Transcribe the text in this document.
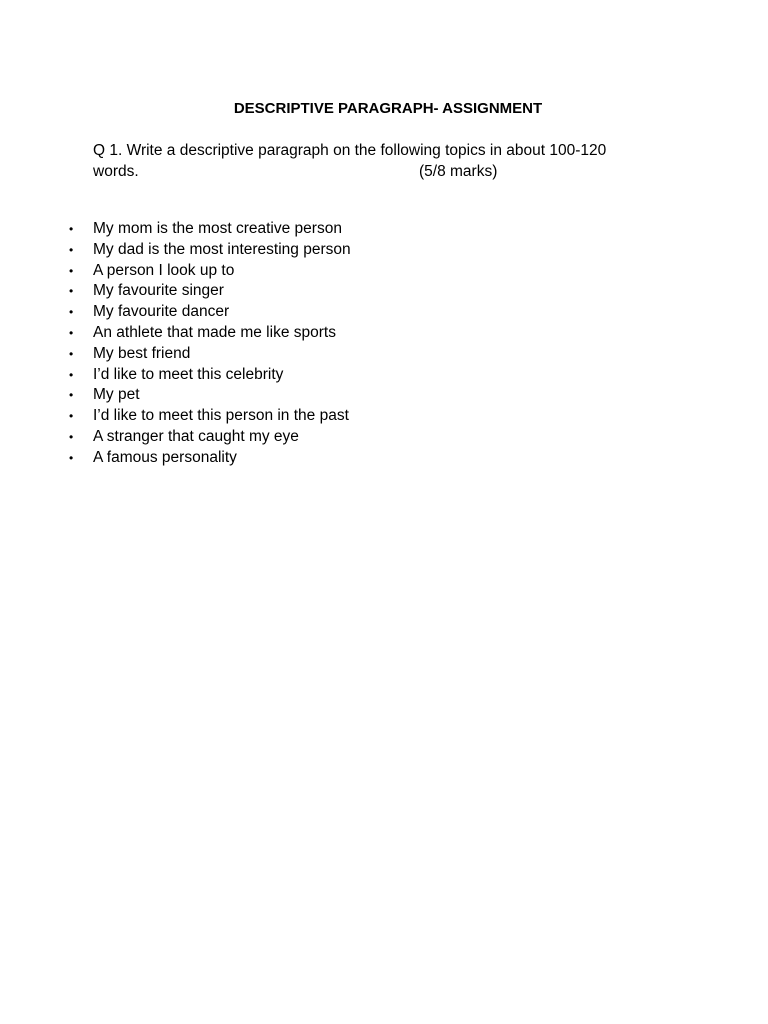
DESCRIPTIVE PARAGRAPH- ASSIGNMENT
Q 1. Write a descriptive paragraph on the following topics in about 100-120
words.	(5/8 marks)
• My mom is the most creative person
• My dad is the most interesting person
• A person I look up to
• My favourite singer
• My favourite dancer
• An athlete that made me like sports
• My best friend
• I’d like to meet this celebrity
• My pet
• I’d like to meet this person in the past
• A stranger that caught my eye
• A famous personality
